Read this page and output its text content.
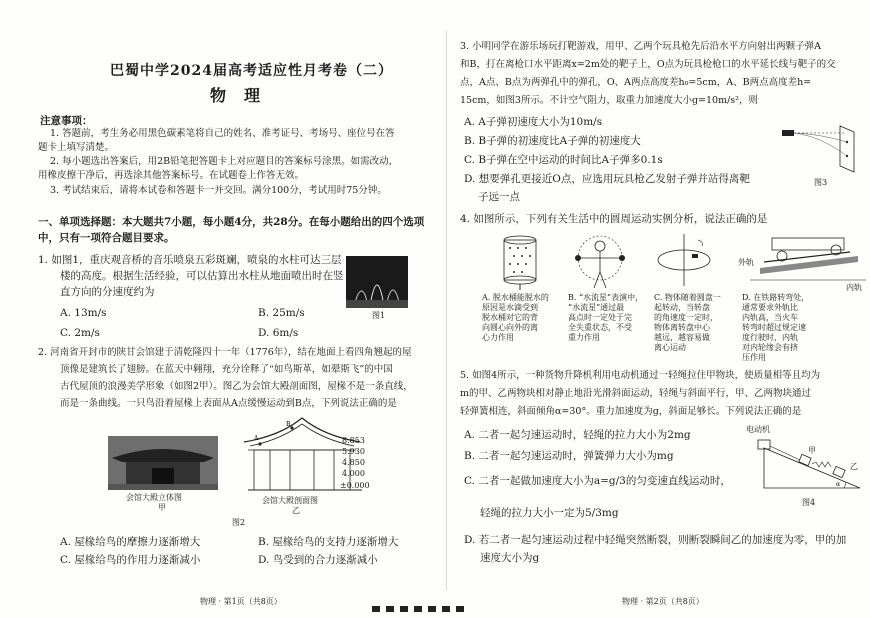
巴蜀中学2024届高考适应性月考卷（二）
物理
注意事项：
1. 答题前，考生务必用黑色碳素笔将自己的姓名、准考证号、考场号、座位号在答
题卡上填写清楚。
2. 每小题选出答案后，用2B铅笔把答题卡上对应题目的答案标号涂黑。如需改动，
用橡皮擦干净后，再选涂其他答案标号。在试题卷上作答无效。
3. 考试结束后，请将本试卷和答题卡一并交回。满分100分，考试用时75分钟。
一、单项选择题：本大题共7小题，每小题4分，共28分。在每小题给出的四个选项
中，只有一项符合题目要求。
1. 如图1，重庆观音桥的音乐喷泉五彩斑斓，喷泉的水柱可达三层
楼的高度。根据生活经验，可以估算出水柱从地面喷出时在竖
直方向的分速度约为
图1
A. 13m/s	B. 25m/s
C. 2m/s	D. 6m/s
2. 河南省开封市的陕甘会馆建于清乾隆四十一年（1776年），结在地面上看四角翘起的屋
顶像是建筑长了翅膀。在蓝天中翱翔，充分诠释了“如鸟斯革，如翚斯飞”的中国
古代屋顶的浪漫美学形象（如图2甲）。图乙为会馆大殿剖面图，屋椽不是一条直线，
而是一条曲线。一只鸟沿着屋椽上表面从A点缓慢运动到B点，下列说法正确的是
会馆大殿立体图
甲
A
B
8.853
5.930
4.850
4.000
±0.000
会馆大殿剖面图
乙
图2
A. 屋椽给鸟的摩擦力逐渐增大	B. 屋椽给鸟的支持力逐渐增大
C. 屋椽给鸟的作用力逐渐减小	D. 鸟受到的合力逐渐减小
物理 · 第1页（共8页）
3. 小明同学在游乐场玩打靶游戏，用甲、乙两个玩具枪先后沿水平方向射出两颗子弹A
和B，打在离枪口水平距离x=2m处的靶子上，O点为玩具枪枪口的水平延长线与靶子的交
点，A点、B点为两弹孔中的弹孔，O、A两点高度差h₀=5cm，A、B两点高度差h=
15cm，如图3所示。不计空气阻力，取重力加速度大小g=10m/s²，则
A. A子弹初速度大小为10m/s
B. B子弹的初速度比A子弹的初速度大
C. B子弹在空中运动的时间比A子弹多0.1s
D. 想要弹孔更接近O点，应选用玩具枪乙发射子弹并站得离靶
子远一点
图3
4. 如图所示，下列有关生活中的圆周运动实例分析，说法正确的是
外轨
内轨
A. 脱水桶能脱水的
原因是水滴受到
脱水桶对它的背
向圆心向外的离
心力作用
B. “水流星”表演中，
“水流星”通过最
高点时一定处于完
全失重状态，不受
重力作用
C. 物体随着圆盘一
起转动，当转盘
的角速度一定时，
物体离转盘中心
越远，越容易做
离心运动
D. 在铁路转弯处，
通常要求外轨比
内轨高，当火车
转弯时超过规定速
度行驶时，内轨
对内轮缘会有挤
压作用
5. 如图4所示，一种货物升降机利用电动机通过一轻绳拉住甲物块，使质量相等且均为
m的甲、乙两物块相对静止地沿光滑斜面运动，轻绳与斜面平行，甲、乙两物块通过
轻弹簧相连，斜面倾角α=30°。重力加速度为g，斜面足够长。下列说法正确的是
A. 二者一起匀速运动时，轻绳的拉力大小为2mg
B. 二者一起匀速运动时，弹簧弹力大小为mg
C. 二者一起做加速度大小为a=g/3的匀变速直线运动时，
轻绳的拉力大小一定为5/3mg
D. 若二者一起匀速运动过程中轻绳突然断裂，则断裂瞬间乙的加速度为零，甲的加
速度大小为g
α
电动机
甲
乙
图4
物理 · 第2页（共8页）
